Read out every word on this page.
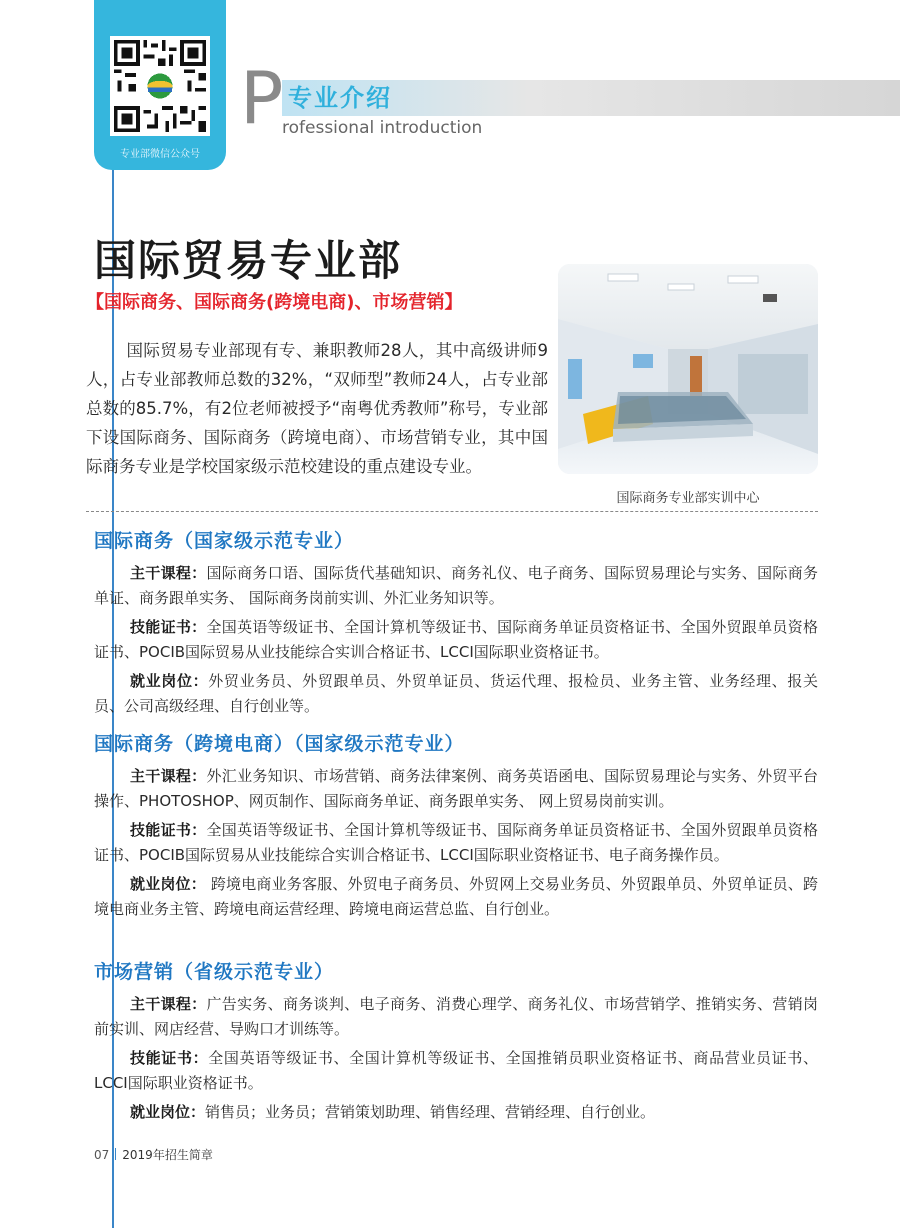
专业部微信公众号
P 专业介绍
rofessional introduction
国际贸易专业部
【国际商务、国际商务(跨境电商)、市场营销】
国际贸易专业部现有专、兼职教师28人，其中高级讲师9人，占专业部教师总数的32%，“双师型”教师24人，占专业部总数的85.7%，有2位老师被授予“南粤优秀教师”称号，专业部下设国际商务、国际商务（跨境电商）、市场营销专业，其中国际商务专业是学校国家级示范校建设的重点建设专业。
国际商务专业部实训中心
国际商务（国家级示范专业）

主干课程：国际商务口语、国际货代基础知识、商务礼仪、电子商务、国际贸易理论与实务、国际商务单证、商务跟单实务、 国际商务岗前实训、外汇业务知识等。

技能证书：全国英语等级证书、全国计算机等级证书、国际商务单证员资格证书、全国外贸跟单员资格证书、POCIB国际贸易从业技能综合实训合格证书、LCCI国际职业资格证书。

就业岗位：外贸业务员、外贸跟单员、外贸单证员、货运代理、报检员、业务主管、业务经理、报关员、公司高级经理、自行创业等。

国际商务（跨境电商）（国家级示范专业）

主干课程：外汇业务知识、市场营销、商务法律案例、商务英语函电、国际贸易理论与实务、外贸平台操作、PHOTOSHOP、网页制作、国际商务单证、商务跟单实务、 网上贸易岗前实训。

技能证书：全国英语等级证书、全国计算机等级证书、国际商务单证员资格证书、全国外贸跟单员资格证书、POCIB国际贸易从业技能综合实训合格证书、LCCI国际职业资格证书、电子商务操作员。

就业岗位： 跨境电商业务客服、外贸电子商务员、外贸网上交易业务员、外贸跟单员、外贸单证员、跨境电商业务主管、跨境电商运营经理、跨境电商运营总监、自行创业。

市场营销（省级示范专业）

主干课程：广告实务、商务谈判、电子商务、消费心理学、商务礼仪、市场营销学、推销实务、营销岗前实训、网店经营、导购口才训练等。

技能证书：全国英语等级证书、全国计算机等级证书、全国推销员职业资格证书、商品营业员证书、LCCI国际职业资格证书。

就业岗位：销售员；业务员；营销策划助理、销售经理、营销经理、自行创业。

07 2019年招生简章
